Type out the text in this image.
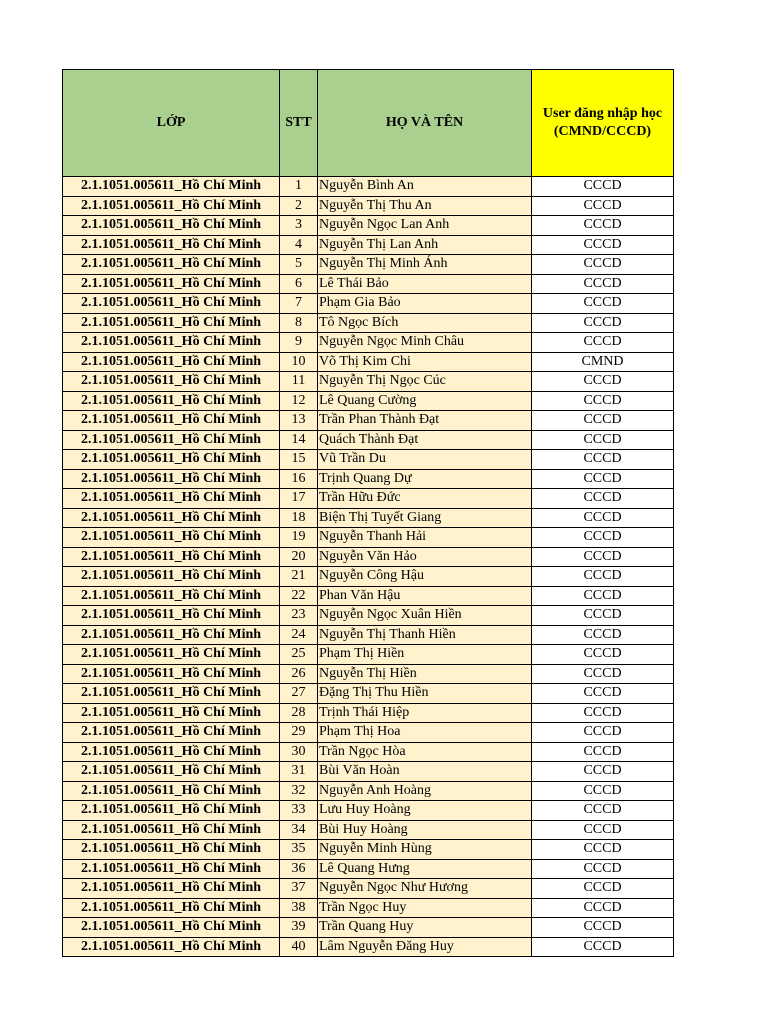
LỚP	STT	HỌ VÀ TÊN	User đăng nhập học
(CMND/CCCD)
2.1.1051.005611_Hồ Chí Minh	1	Nguyễn Bình An	CCCD
2.1.1051.005611_Hồ Chí Minh	2	Nguyễn Thị Thu An	CCCD
2.1.1051.005611_Hồ Chí Minh	3	Nguyễn Ngọc Lan Anh	CCCD
2.1.1051.005611_Hồ Chí Minh	4	Nguyễn Thị Lan Anh	CCCD
2.1.1051.005611_Hồ Chí Minh	5	Nguyễn Thị Minh Ánh	CCCD
2.1.1051.005611_Hồ Chí Minh	6	Lê Thái Bảo	CCCD
2.1.1051.005611_Hồ Chí Minh	7	Phạm Gia Bảo	CCCD
2.1.1051.005611_Hồ Chí Minh	8	Tô Ngọc Bích	CCCD
2.1.1051.005611_Hồ Chí Minh	9	Nguyễn Ngọc Minh Châu	CCCD
2.1.1051.005611_Hồ Chí Minh	10	Võ Thị Kim Chi	CMND
2.1.1051.005611_Hồ Chí Minh	11	Nguyễn Thị Ngọc Cúc	CCCD
2.1.1051.005611_Hồ Chí Minh	12	Lê Quang Cường	CCCD
2.1.1051.005611_Hồ Chí Minh	13	Trần Phan Thành Đạt	CCCD
2.1.1051.005611_Hồ Chí Minh	14	Quách Thành Đạt	CCCD
2.1.1051.005611_Hồ Chí Minh	15	Vũ Trần Du	CCCD
2.1.1051.005611_Hồ Chí Minh	16	Trịnh Quang Dự	CCCD
2.1.1051.005611_Hồ Chí Minh	17	Trần Hữu Đức	CCCD
2.1.1051.005611_Hồ Chí Minh	18	Biện Thị Tuyết Giang	CCCD
2.1.1051.005611_Hồ Chí Minh	19	Nguyễn Thanh Hải	CCCD
2.1.1051.005611_Hồ Chí Minh	20	Nguyễn Văn Hảo	CCCD
2.1.1051.005611_Hồ Chí Minh	21	Nguyễn Công Hậu	CCCD
2.1.1051.005611_Hồ Chí Minh	22	Phan Văn Hậu	CCCD
2.1.1051.005611_Hồ Chí Minh	23	Nguyễn Ngọc Xuân Hiền	CCCD
2.1.1051.005611_Hồ Chí Minh	24	Nguyễn Thị Thanh Hiền	CCCD
2.1.1051.005611_Hồ Chí Minh	25	Phạm Thị Hiền	CCCD
2.1.1051.005611_Hồ Chí Minh	26	Nguyễn Thị Hiền	CCCD
2.1.1051.005611_Hồ Chí Minh	27	Đặng Thị Thu Hiền	CCCD
2.1.1051.005611_Hồ Chí Minh	28	Trịnh Thái Hiệp	CCCD
2.1.1051.005611_Hồ Chí Minh	29	Phạm Thị Hoa	CCCD
2.1.1051.005611_Hồ Chí Minh	30	Trần Ngọc Hòa	CCCD
2.1.1051.005611_Hồ Chí Minh	31	Bùi Văn Hoàn	CCCD
2.1.1051.005611_Hồ Chí Minh	32	Nguyễn Anh Hoàng	CCCD
2.1.1051.005611_Hồ Chí Minh	33	Lưu Huy Hoàng	CCCD
2.1.1051.005611_Hồ Chí Minh	34	Bùi Huy Hoàng	CCCD
2.1.1051.005611_Hồ Chí Minh	35	Nguyễn Minh Hùng	CCCD
2.1.1051.005611_Hồ Chí Minh	36	Lê Quang Hưng	CCCD
2.1.1051.005611_Hồ Chí Minh	37	Nguyễn Ngọc Như Hương	CCCD
2.1.1051.005611_Hồ Chí Minh	38	Trần Ngọc Huy	CCCD
2.1.1051.005611_Hồ Chí Minh	39	Trần Quang Huy	CCCD
2.1.1051.005611_Hồ Chí Minh	40	Lâm Nguyễn Đăng Huy	CCCD
